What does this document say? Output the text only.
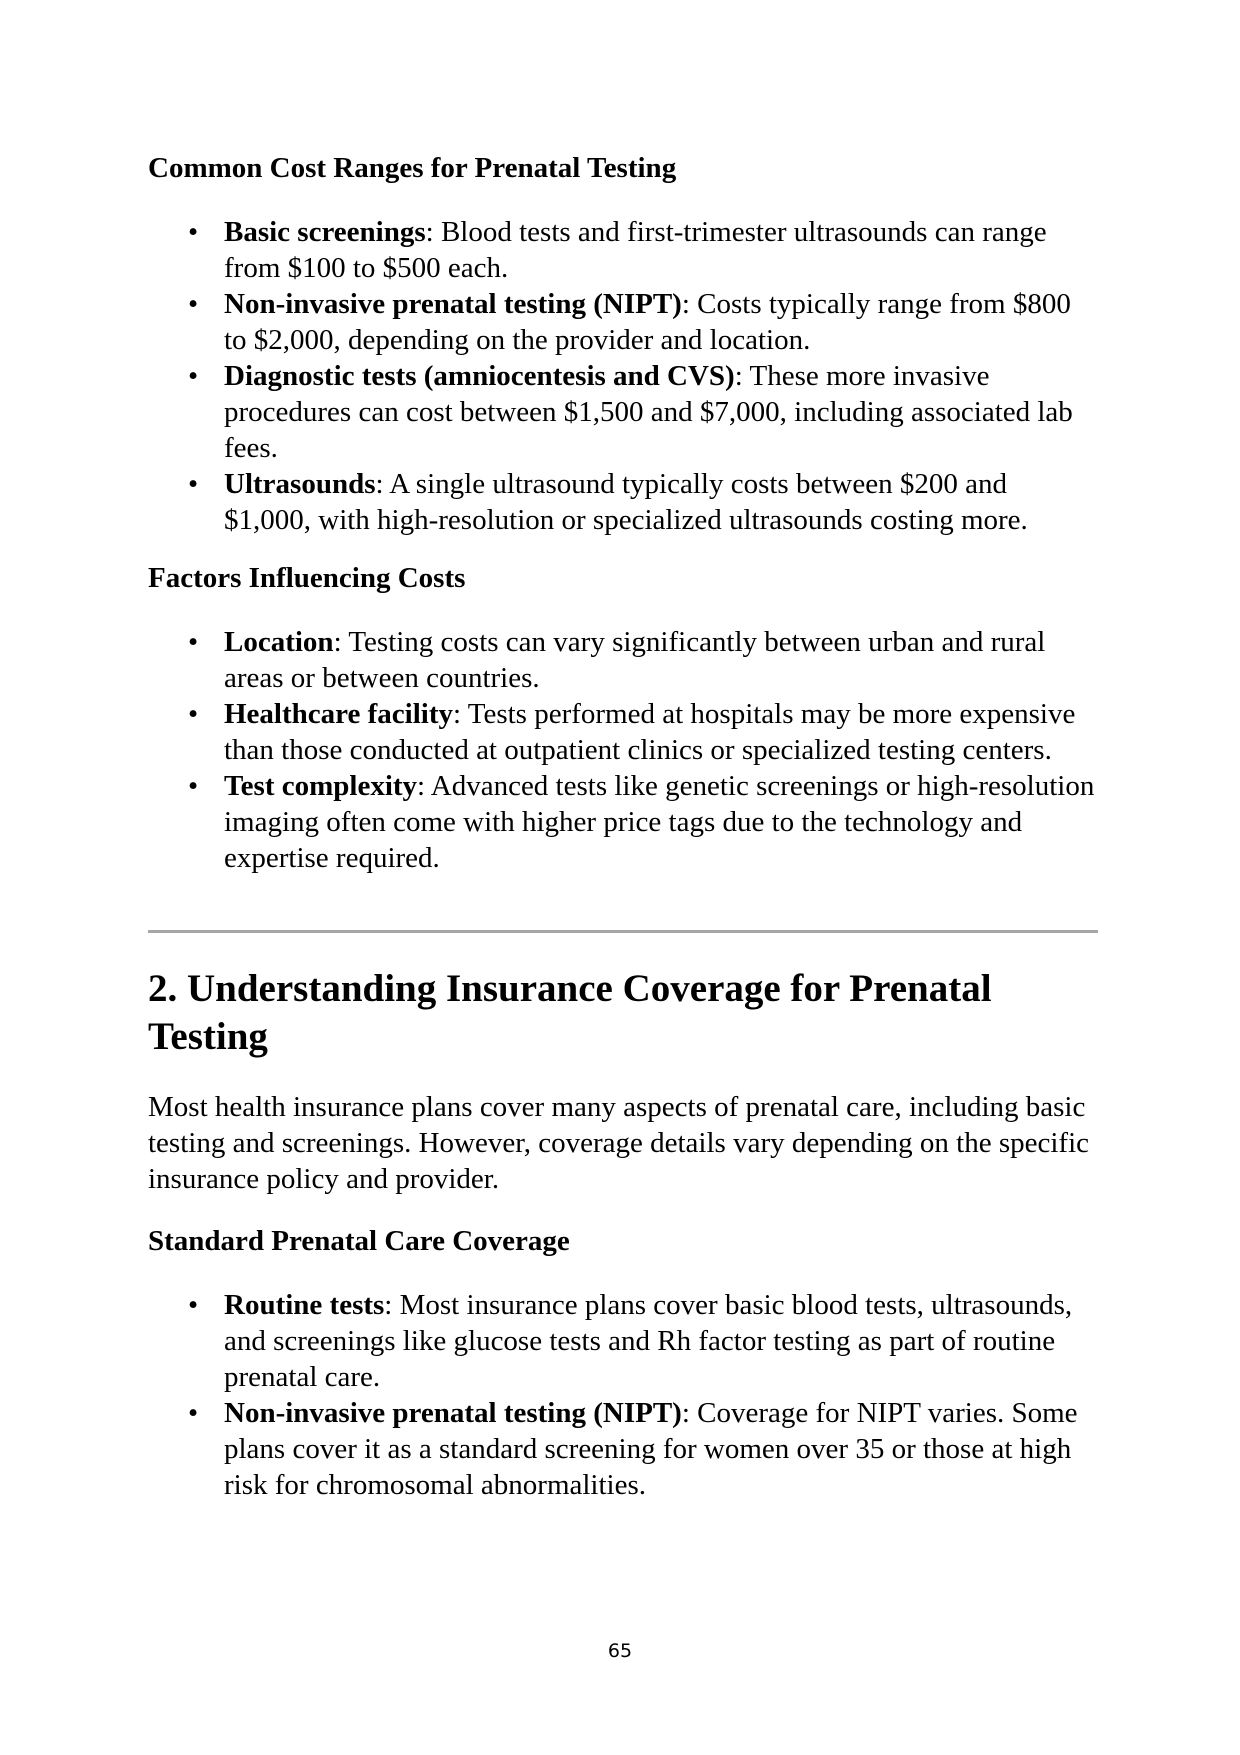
Common Cost Ranges for Prenatal Testing
• Basic screenings: Blood tests and first-trimester ultrasounds can range from $100 to $500 each.
• Non-invasive prenatal testing (NIPT): Costs typically range from $800 to $2,000, depending on the provider and location.
• Diagnostic tests (amniocentesis and CVS): These more invasive procedures can cost between $1,500 and $7,000, including associated lab fees.
• Ultrasounds: A single ultrasound typically costs between $200 and $1,000, with high-resolution or specialized ultrasounds costing more.
Factors Influencing Costs
• Location: Testing costs can vary significantly between urban and rural areas or between countries.
• Healthcare facility: Tests performed at hospitals may be more expensive than those conducted at outpatient clinics or specialized testing centers.
• Test complexity: Advanced tests like genetic screenings or high-resolution imaging often come with higher price tags due to the technology and expertise required.
2. Understanding Insurance Coverage for Prenatal Testing

Most health insurance plans cover many aspects of prenatal care, including basic testing and screenings. However, coverage details vary depending on the specific insurance policy and provider.

Standard Prenatal Care Coverage
• Routine tests: Most insurance plans cover basic blood tests, ultrasounds, and screenings like glucose tests and Rh factor testing as part of routine prenatal care.
• Non-invasive prenatal testing (NIPT): Coverage for NIPT varies. Some plans cover it as a standard screening for women over 35 or those at high risk for chromosomal abnormalities.
65
